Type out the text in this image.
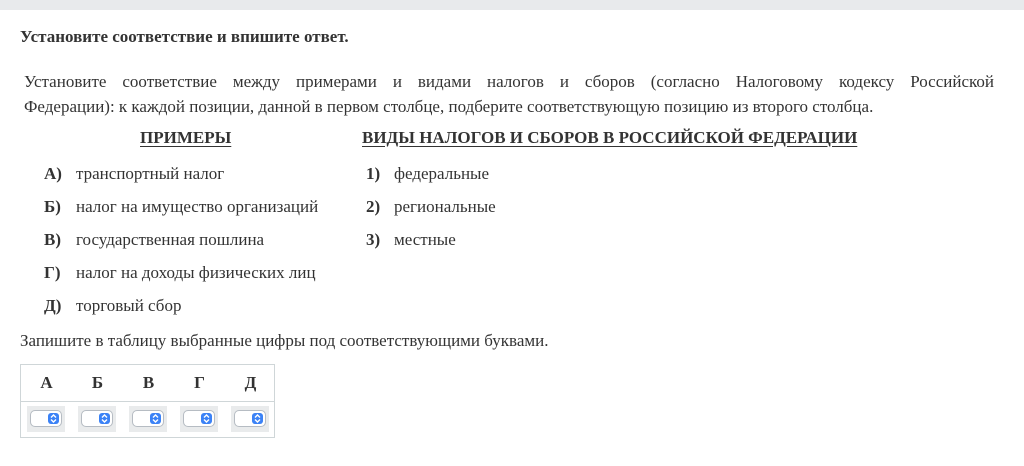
Установите соответствие и впишите ответ.
Установите соответствие между примерами и видами налогов и сборов (согласно Налоговому кодексу Российской
Федерации): к каждой позиции, данной в первом столбце, подберите соответствующую позицию из второго столбца.
ПРИМЕРЫ	ВИДЫ НАЛОГОВ И СБОРОВ В РОССИЙСКОЙ ФЕДЕРАЦИИ
А) транспортный налог
Б) налог на имущество организаций
В) государственная пошлина
Г) налог на доходы физических лиц
Д) торговый сбор
1) федеральные
2) региональные
3) местные
Запишите в таблицу выбранные цифры под соответствующими буквами.
А	Б	В	Г	Д
